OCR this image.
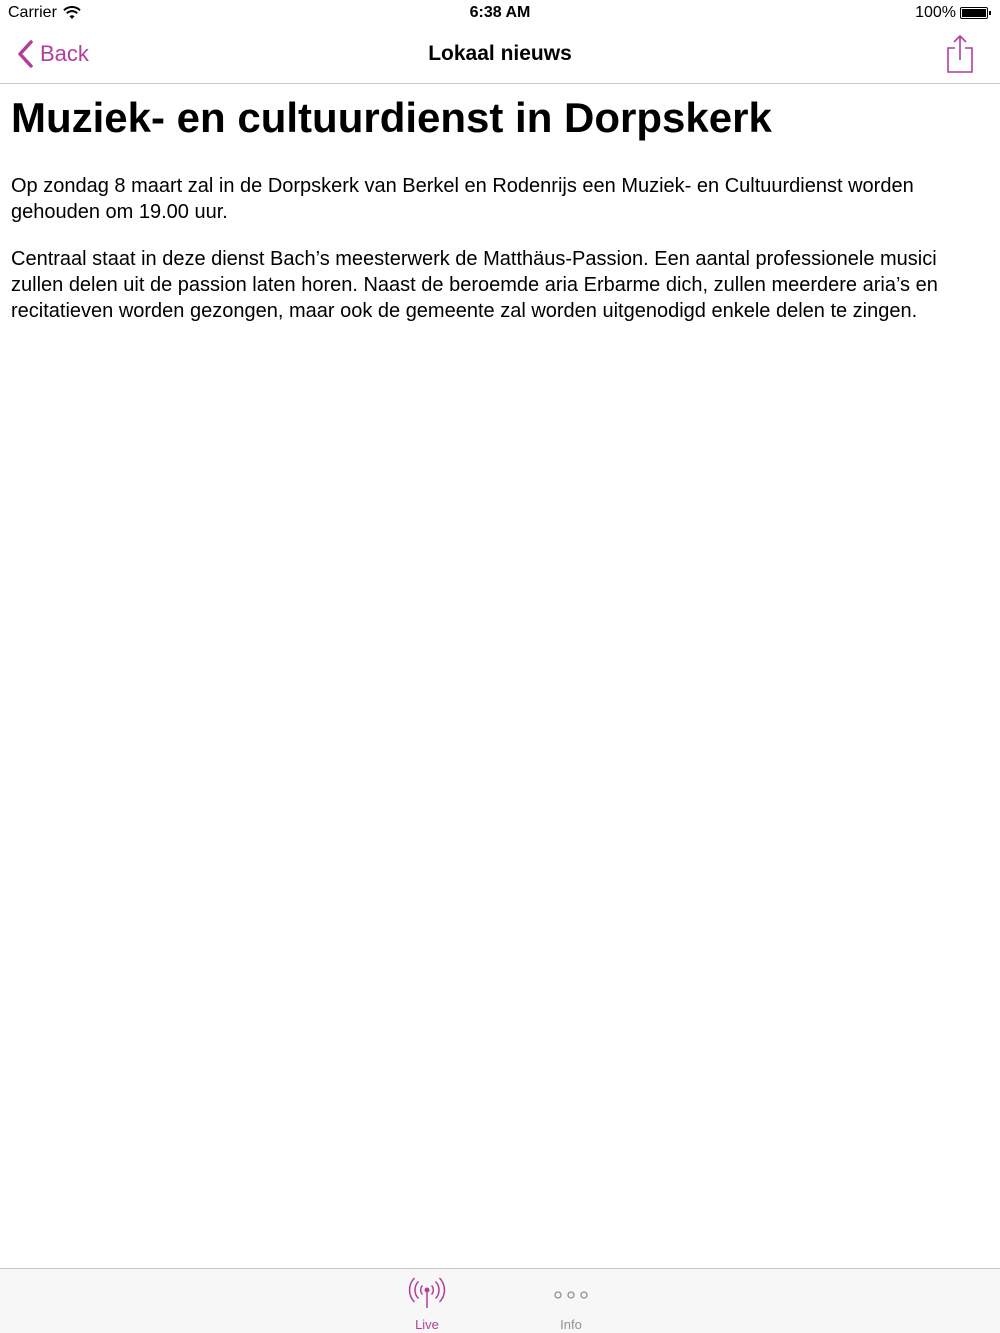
Carrier	6:38 AM	100%
Back	Lokaal nieuws
Muziek- en cultuurdienst in Dorpskerk

Op zondag 8 maart zal in de Dorpskerk van Berkel en Rodenrijs een Muziek- en Cultuurdienst worden gehouden om 19.00 uur.

Centraal staat in deze dienst Bach’s meesterwerk de Matthäus-Passion. Een aantal professionele musici zullen delen uit de passion laten horen. Naast de beroemde aria Erbarme dich, zullen meerdere aria’s en recitatieven worden gezongen, maar ook de gemeente zal worden uitgenodigd enkele delen te zingen.

Live	Info
